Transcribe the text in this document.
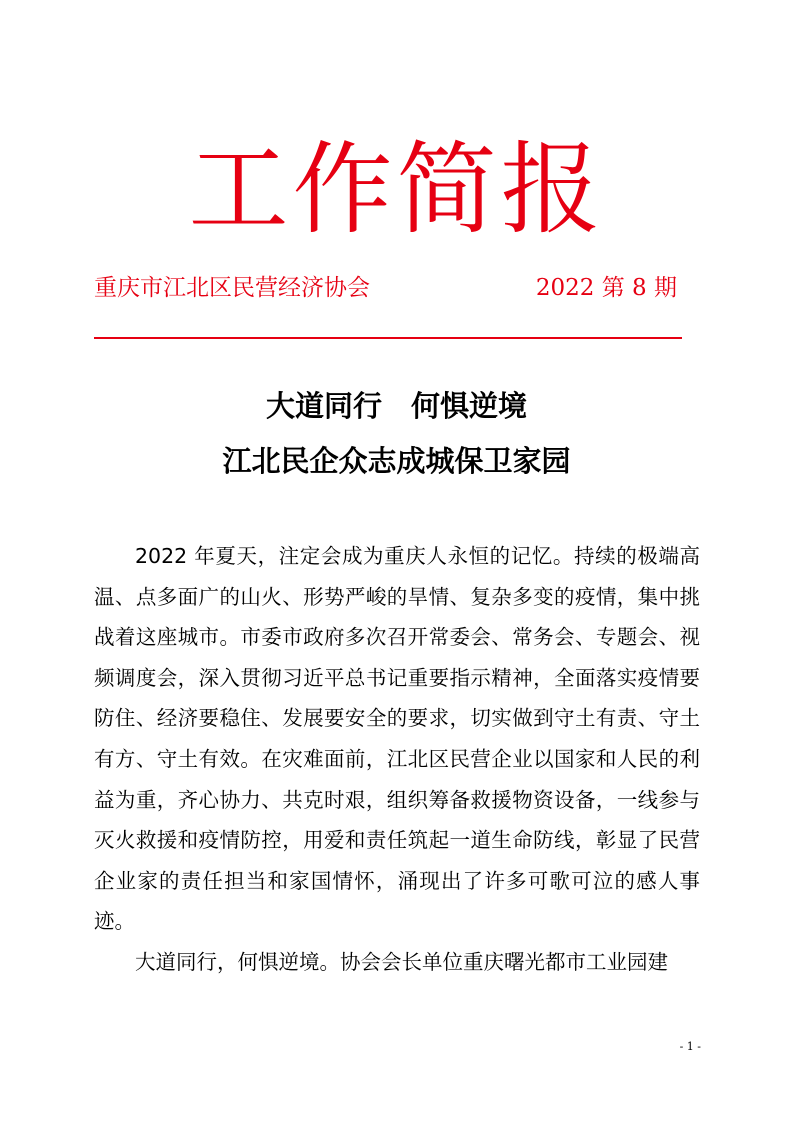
工作简报
重庆市江北区民营经济协会	2022 第 8 期
大道同行　何惧逆境
江北民企众志成城保卫家园

2022 年夏天，注定会成为重庆人永恒的记忆。持续的极端高温、点多面广的山火、形势严峻的旱情、复杂多变的疫情，集中挑战着这座城市。市委市政府多次召开常委会、常务会、专题会、视频调度会，深入贯彻习近平总书记重要指示精神，全面落实疫情要防住、经济要稳住、发展要安全的要求，切实做到守土有责、守土有方、守土有效。在灾难面前，江北区民营企业以国家和人民的利益为重，齐心协力、共克时艰，组织筹备救援物资设备，一线参与灭火救援和疫情防控，用爱和责任筑起一道生命防线，彰显了民营企业家的责任担当和家国情怀，涌现出了许多可歌可泣的感人事迹。

大道同行，何惧逆境。协会会长单位重庆曙光都市工业园建

- 1 -
